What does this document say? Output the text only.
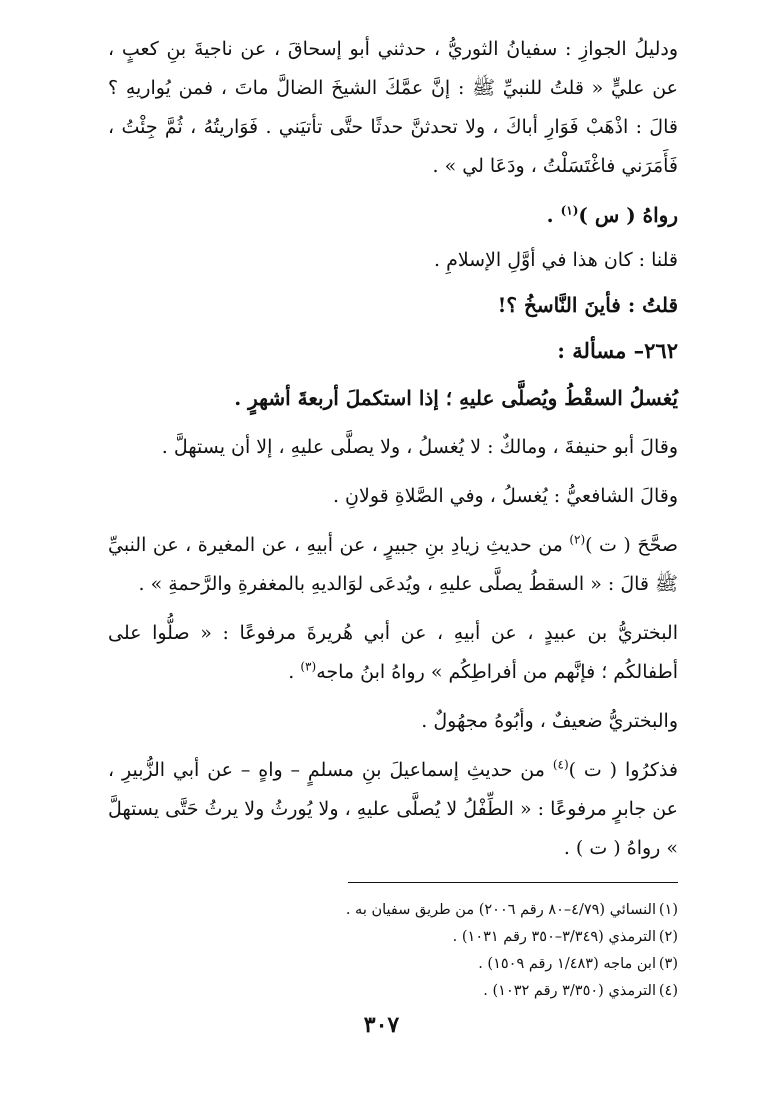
ودليلُ الجوازِ : سفيانُ الثوريُّ ، حدثني أبو إسحاقَ ، عن ناجيةَ بنِ كعبٍ ، عن عليٍّ « قلتُ للنبيِّ ﷺ : إنَّ عمَّكَ الشيخَ الضالَّ ماتَ ، فمن يُواريهِ ؟ قالَ : اذْهَبْ فَوَارِ أباكَ ، ولا تحدثنَّ حدثًا حتَّى تأتيَني . فَوَاريتُهُ ، ثُمَّ جِئْتُ ، فَأَمَرَني فاغْتَسَلْتُ ، ودَعَا لي » .

رواهُ ( س )$^{(١)}$ .

قلنا : كان هذا في أوَّلِ الإسلامِ .

قلتُ : فأينَ النَّاسخُ ؟!

٢٦٢– مسألة :

يُغسلُ السقْطُ ويُصلَّى عليهِ ؛ إذا استكملَ أربعةَ أشهرٍ .

وقالَ أبو حنيفةَ ، ومالكٌ : لا يُغسلُ ، ولا يصلَّى عليهِ ، إلا أن يستهلَّ .

وقالَ الشافعيُّ : يُغسلُ ، وفي الصَّلاةِ قولانِ .

صحَّحَ ( ت )$^{(٢)}$ من حديثِ زيادِ بنِ جبيرٍ ، عن أبيهِ ، عن المغيرة ، عن النبيِّ ﷺ قالَ : « السقطُ يصلَّى عليهِ ، ويُدعَى لوَالديهِ بالمغفرةِ والرَّحمةِ » .

البختريُّ بن عبيدٍ ، عن أبيهِ ، عن أبي هُريرةَ مرفوعًا : « صلُّوا على أطفالكُم ؛ فإنَّهم من أفراطِكُم » رواهُ ابنُ ماجه$^{(٣)}$ .

والبختريُّ ضعيفٌ ، وأبُوهُ مجهُولٌ .

فذكرُوا ( ت )$^{(٤)}$ من حديثِ إسماعيلَ بنِ مسلمٍ – واهٍ – عن أبي الزُّبيرِ ، عن جابرٍ مرفوعًا : « الطِّفْلُ لا يُصلَّى عليهِ ، ولا يُورثُ ولا يرثُ حَتَّى يستهلَّ » رواهُ ( ت ) .

(١)
النسائي (٤/٧٩–٨٠ رقم ٢٠٠٦) من طريق سفيان به .

(٢)
الترمذي (٣/٣٤٩–٣٥٠ رقم ١٠٣١) .

(٣)
ابن ماجه (١/٤٨٣ رقم ١٥٠٩) .

(٤)
الترمذي (٣/٣٥٠ رقم ١٠٣٢) .

٣٠٧
